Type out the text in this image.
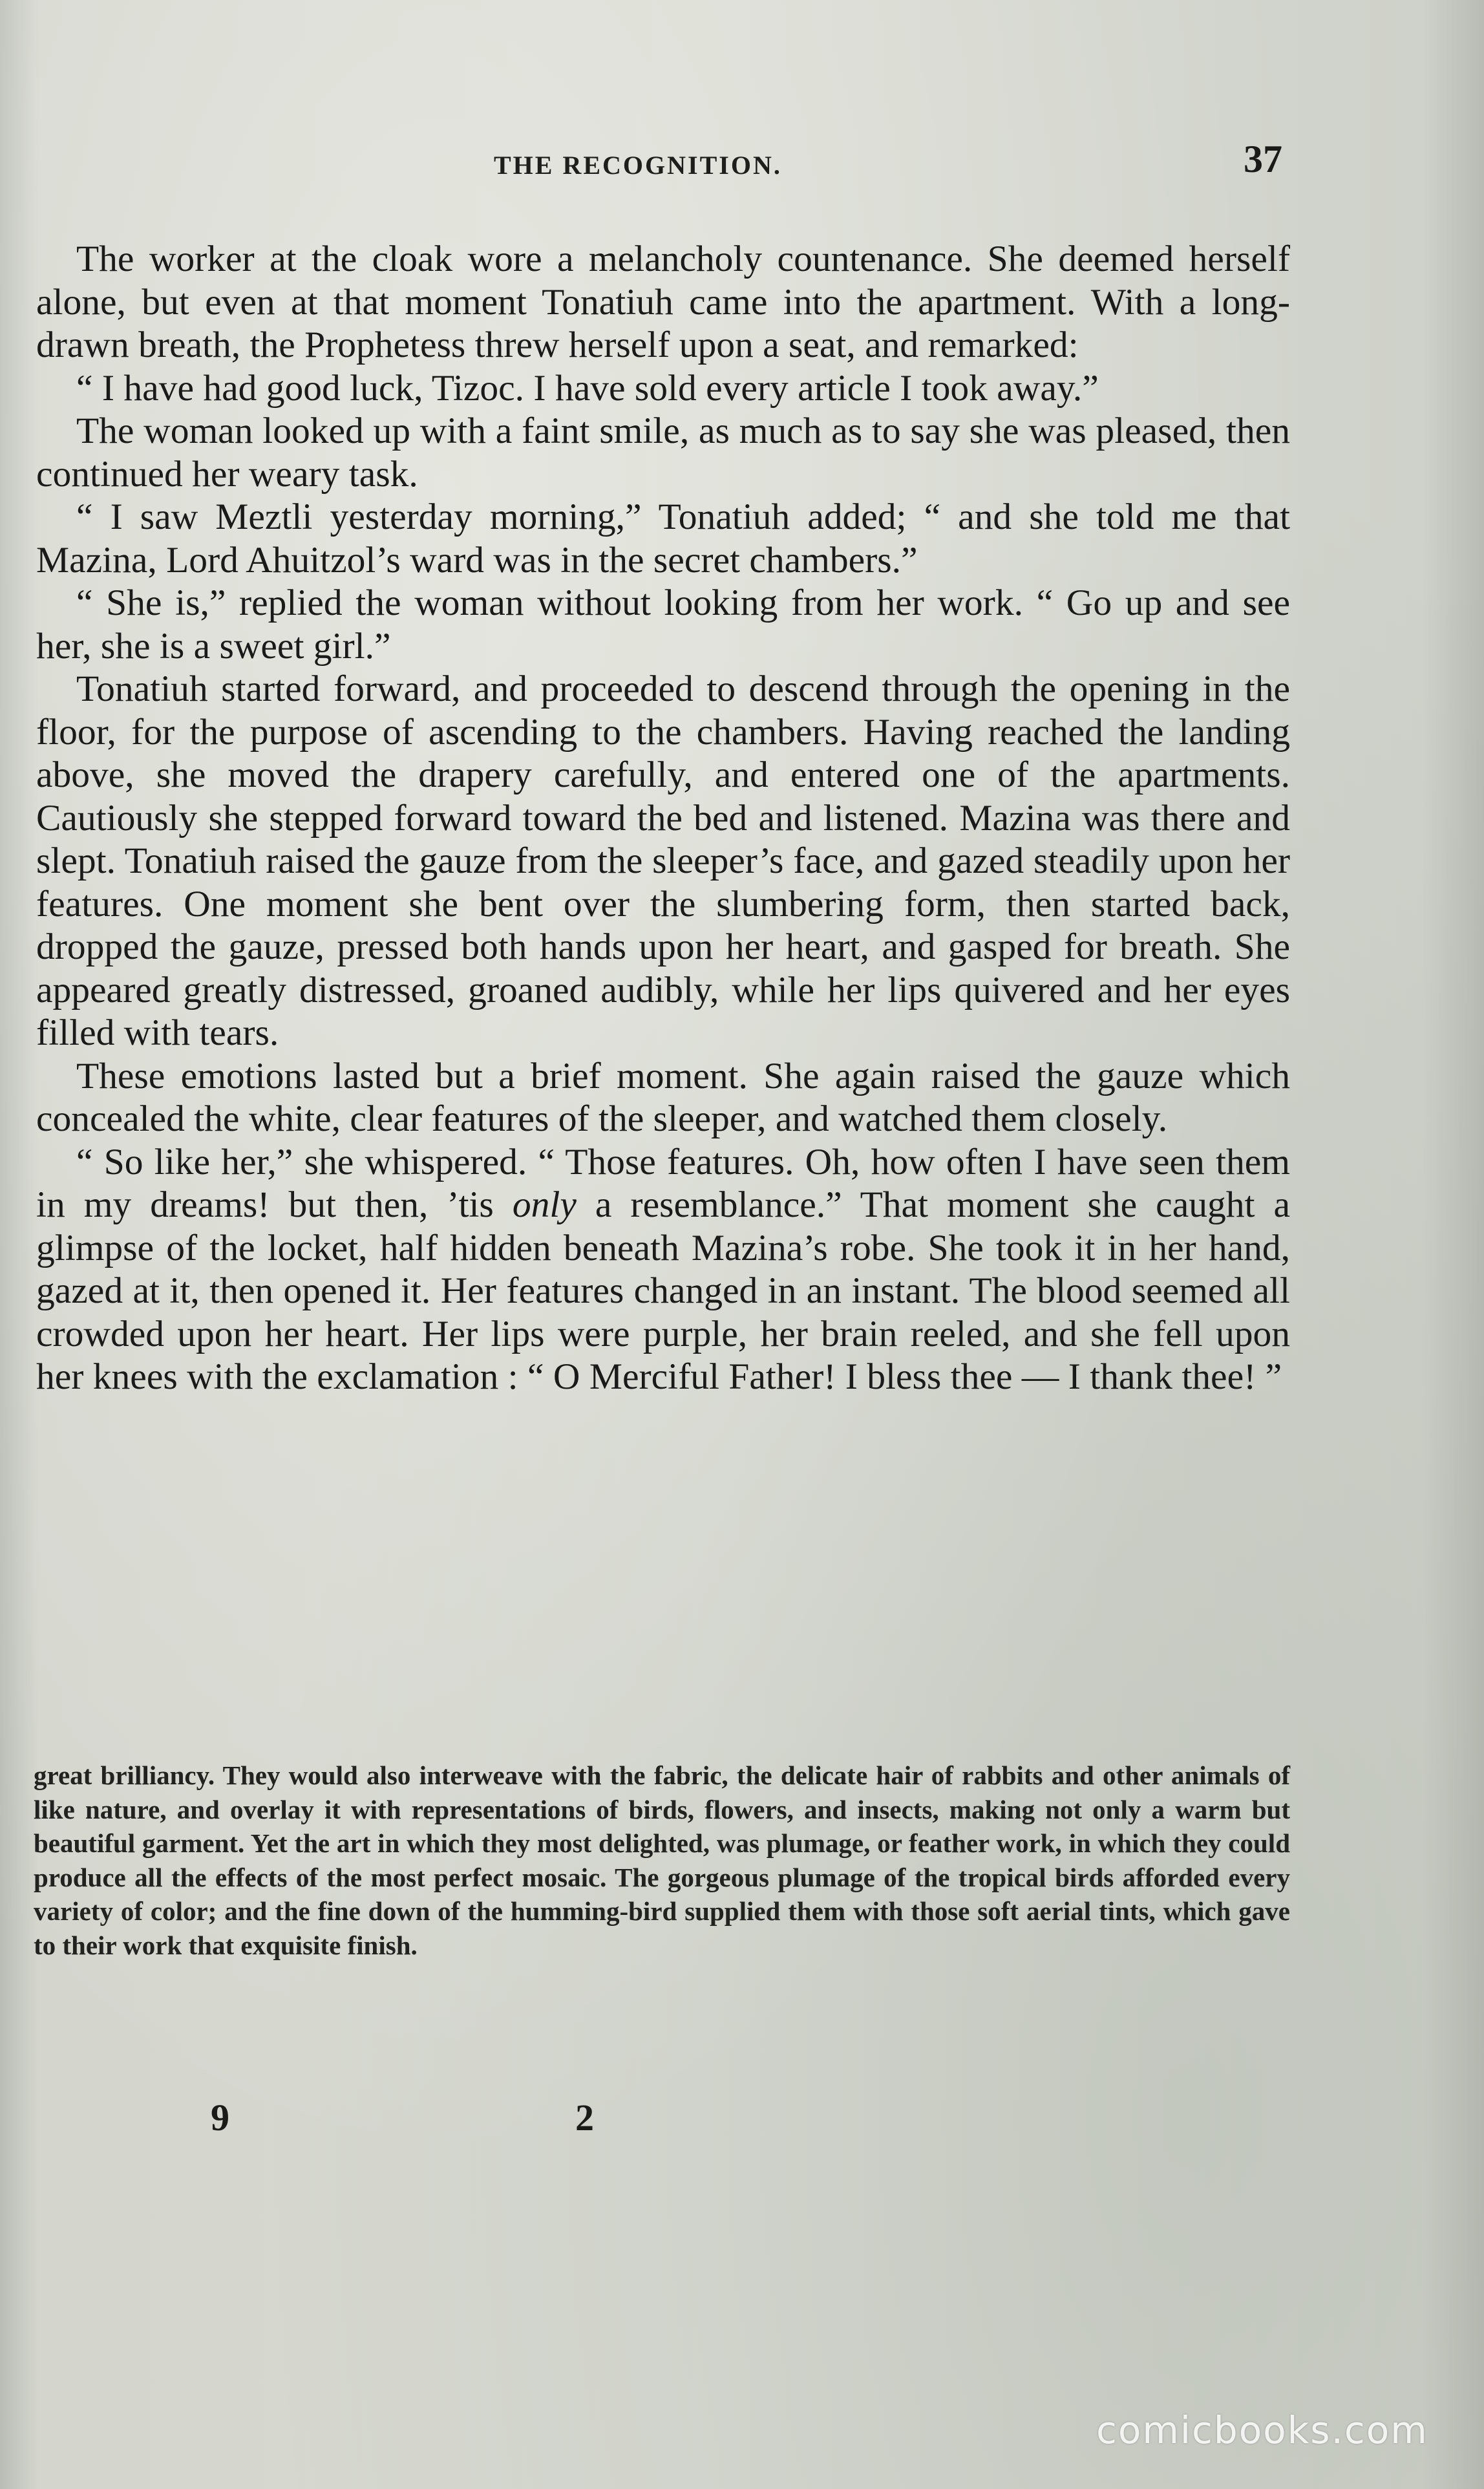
THE RECOGNITION.	37

The worker at the cloak wore a melancholy countenance. She deemed herself alone, but even at that moment Tonatiuh came into the apartment. With a long-drawn breath, the Prophetess threw herself upon a seat, and remarked:

“ I have had good luck, Tizoc. I have sold every article I took away.”

The woman looked up with a faint smile, as much as to say she was pleased, then continued her weary task.

“ I saw Meztli yesterday morning,” Tonatiuh added; “ and she told me that Mazina, Lord Ahuitzol’s ward was in the secret chambers.”

“ She is,” replied the woman without looking from her work. “ Go up and see her, she is a sweet girl.”

Tonatiuh started forward, and proceeded to descend through the opening in the floor, for the purpose of ascending to the chambers. Having reached the landing above, she moved the drapery carefully, and entered one of the apartments. Cautiously she stepped forward toward the bed and listened. Mazina was there and slept. Tonatiuh raised the gauze from the sleeper’s face, and gazed steadily upon her features. One moment she bent over the slumbering form, then started back, dropped the gauze, pressed both hands upon her heart, and gasped for breath. She appeared greatly distressed, groaned audibly, while her lips quivered and her eyes filled with tears.

These emotions lasted but a brief moment. She again raised the gauze which concealed the white, clear features of the sleeper, and watched them closely.

“ So like her,” she whispered. “ Those features. Oh, how often I have seen them in my dreams! but then, ’tis only a resemblance.” That moment she caught a glimpse of the locket, half hidden beneath Mazina’s robe. She took it in her hand, gazed at it, then opened it. Her features changed in an instant. The blood seemed all crowded upon her heart. Her lips were purple, her brain reeled, and she fell upon her knees with the exclamation : “ O Merciful Father! I bless thee — I thank thee! ”

great brilliancy. They would also interweave with the fabric, the delicate hair of rabbits and other animals of like nature, and overlay it with representations of birds, flowers, and insects, making not only a warm but beautiful garment. Yet the art in which they most delighted, was plumage, or feather work, in which they could produce all the effects of the most perfect mosaic. The gorgeous plumage of the tropical birds afforded every variety of color; and the fine down of the humming-bird supplied them with those soft aerial tints, which gave to their work that exquisite finish.

9	2
comicbooks.com
